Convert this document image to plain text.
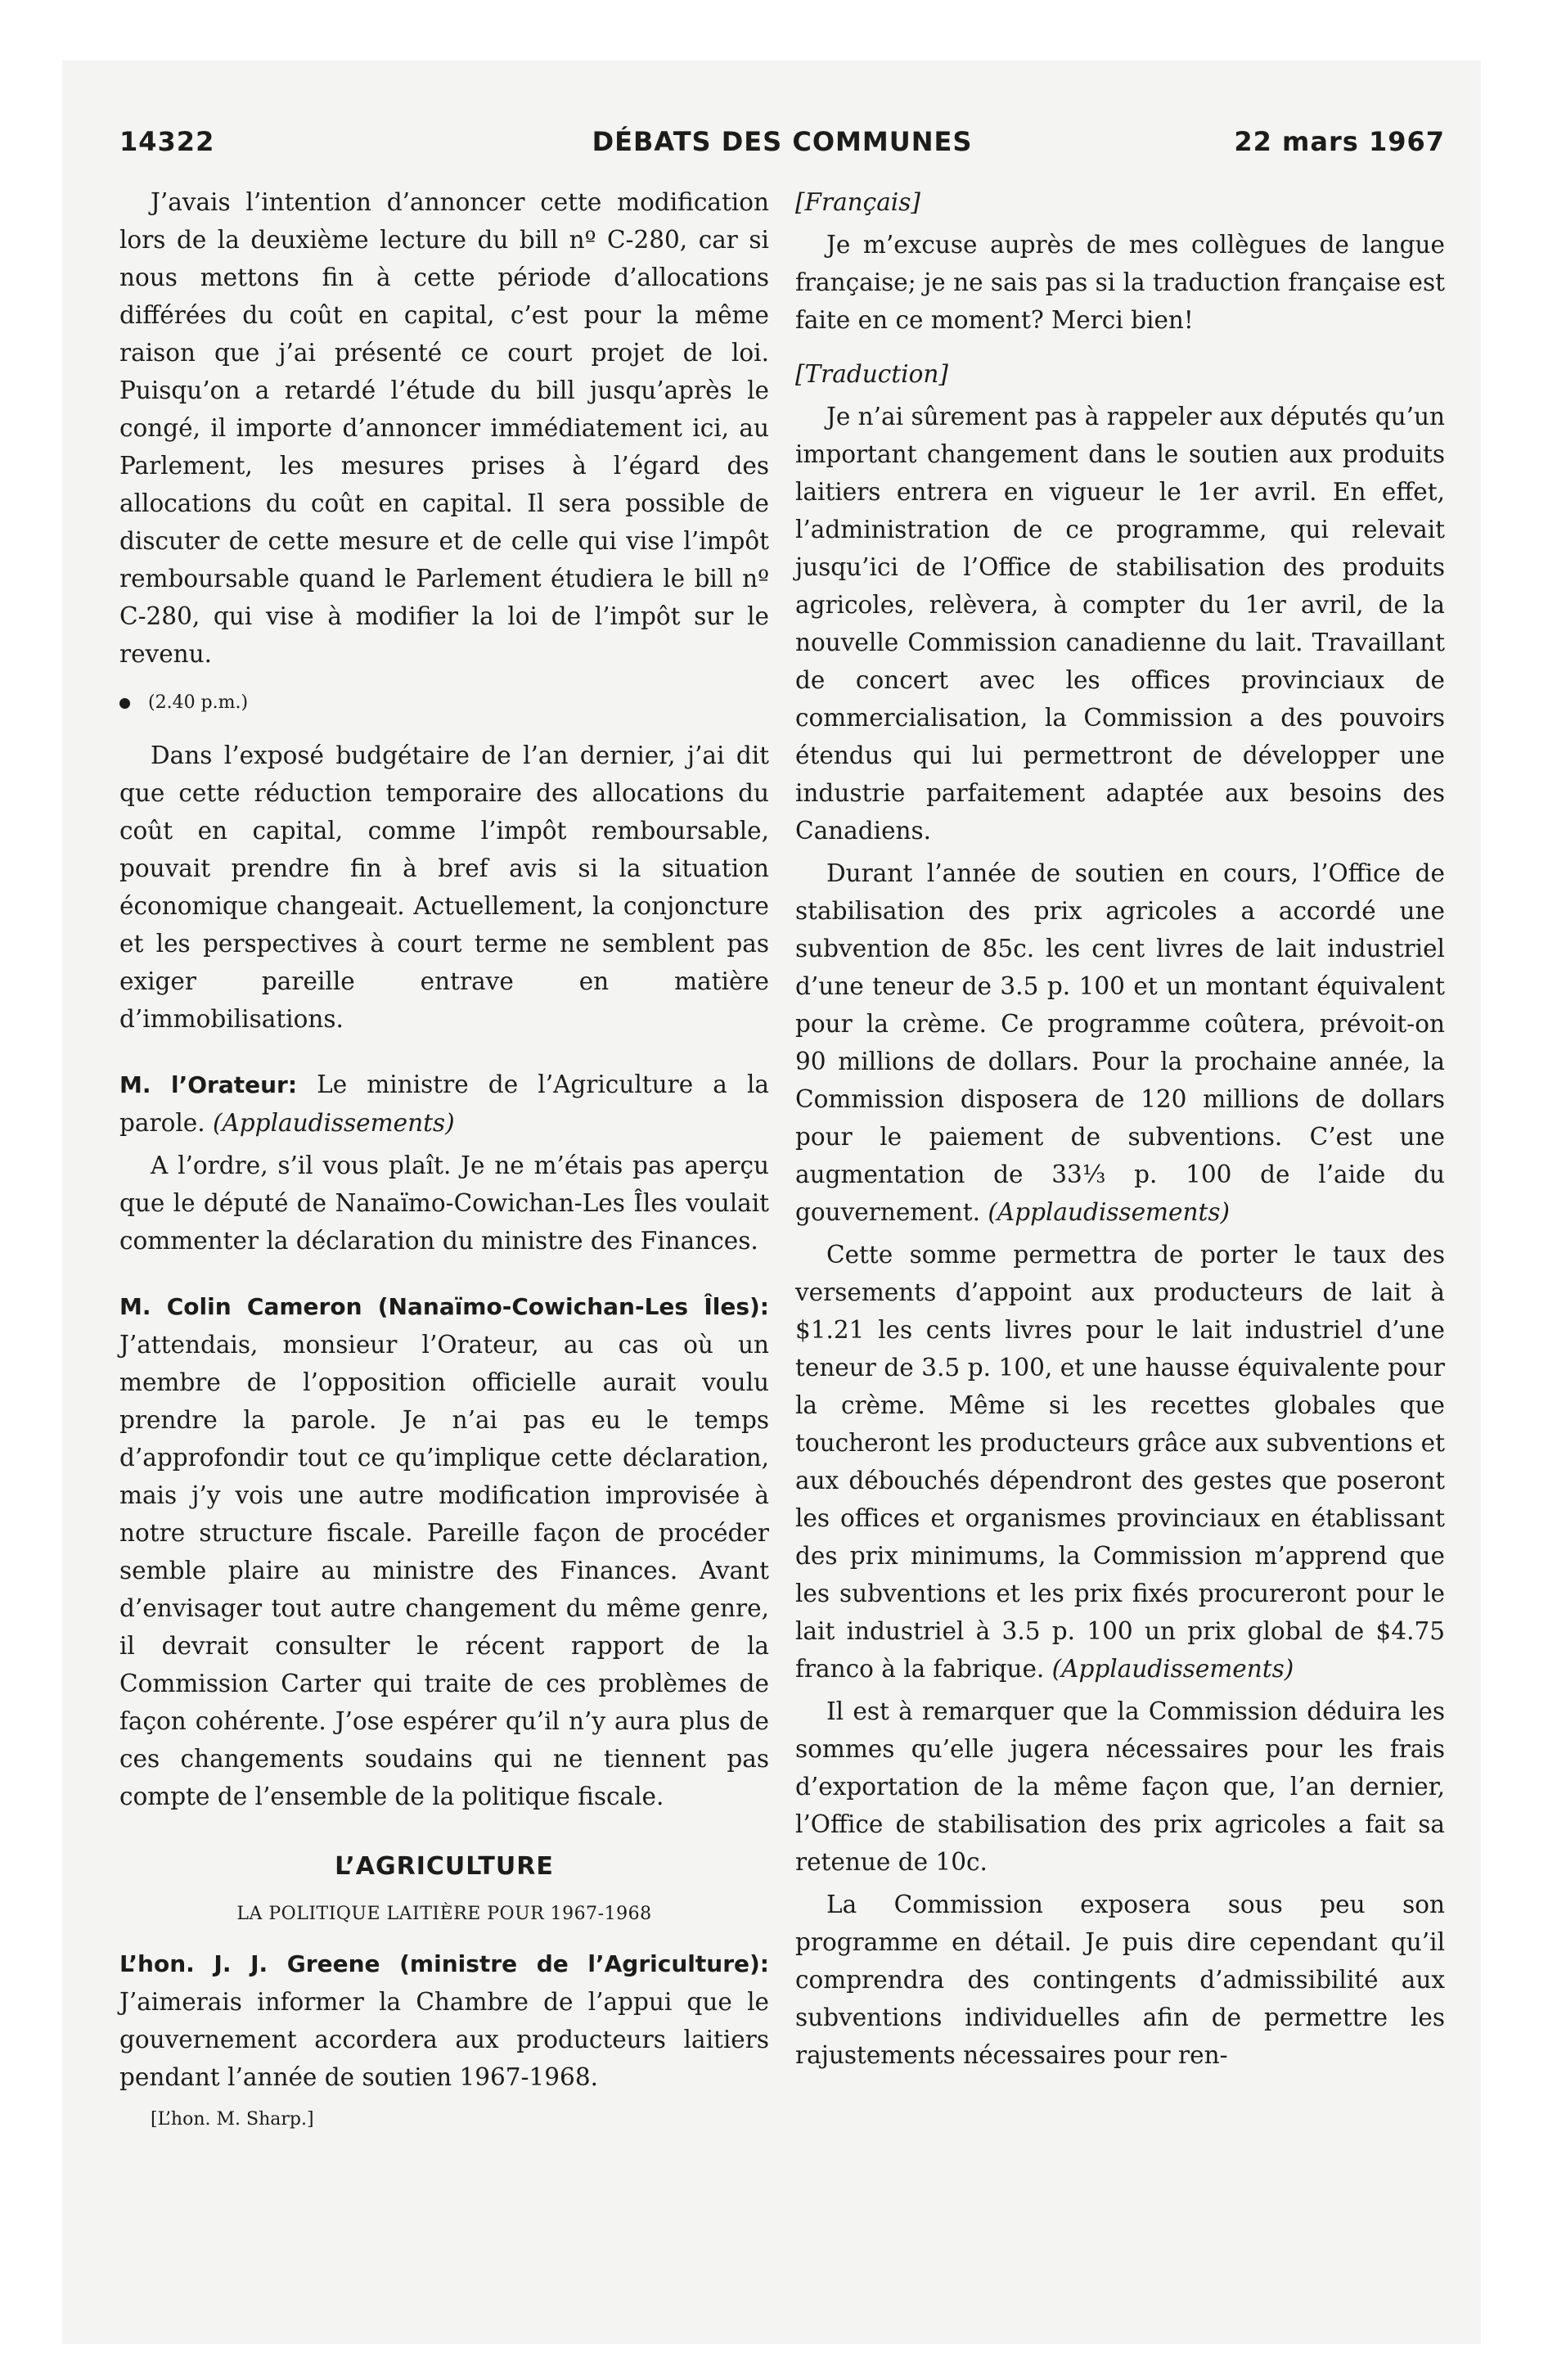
14322	DÉBATS DES COMMUNES	22 mars 1967

J’avais l’intention d’annoncer cette modification lors de la deuxième lecture du bill nº C-280, car si nous mettons fin à cette période d’allocations différées du coût en capital, c’est pour la même raison que j’ai présenté ce court projet de loi. Puisqu’on a retardé l’étude du bill jusqu’après le congé, il importe d’annoncer immédiatement ici, au Parlement, les mesures prises à l’égard des allocations du coût en capital. Il sera possible de discuter de cette mesure et de celle qui vise l’impôt remboursable quand le Parlement étudiera le bill nº C-280, qui vise à modifier la loi de l’impôt sur le revenu.

(2.40 p.m.)

Dans l’exposé budgétaire de l’an dernier, j’ai dit que cette réduction temporaire des allocations du coût en capital, comme l’impôt remboursable, pouvait prendre fin à bref avis si la situation économique changeait. Actuellement, la conjoncture et les perspectives à court terme ne semblent pas exiger pareille entrave en matière d’immobilisations.

M. l’Orateur: Le ministre de l’Agriculture a la parole. (Applaudissements)

A l’ordre, s’il vous plaît. Je ne m’étais pas aperçu que le député de Nanaïmo-Cowichan-Les Îles voulait commenter la déclaration du ministre des Finances.

M. Colin Cameron (Nanaïmo-Cowichan-Les Îles): J’attendais, monsieur l’Orateur, au cas où un membre de l’opposition officielle aurait voulu prendre la parole. Je n’ai pas eu le temps d’approfondir tout ce qu’implique cette déclaration, mais j’y vois une autre modification improvisée à notre structure fiscale. Pareille façon de procéder semble plaire au ministre des Finances. Avant d’envisager tout autre changement du même genre, il devrait consulter le récent rapport de la Commission Carter qui traite de ces problèmes de façon cohérente. J’ose espérer qu’il n’y aura plus de ces changements soudains qui ne tiennent pas compte de l’ensemble de la politique fiscale.

L’AGRICULTURE
LA POLITIQUE LAITIÈRE POUR 1967-1968

L’hon. J. J. Greene (ministre de l’Agriculture): J’aimerais informer la Chambre de l’appui que le gouvernement accordera aux producteurs laitiers pendant l’année de soutien 1967-1968.

[L’hon. M. Sharp.]

[Français]

Je m’excuse auprès de mes collègues de langue française; je ne sais pas si la traduction française est faite en ce moment? Merci bien!

[Traduction]

Je n’ai sûrement pas à rappeler aux députés qu’un important changement dans le soutien aux produits laitiers entrera en vigueur le 1er avril. En effet, l’administration de ce programme, qui relevait jusqu’ici de l’Office de stabilisation des produits agricoles, relèvera, à compter du 1er avril, de la nouvelle Commission canadienne du lait. Travaillant de concert avec les offices provinciaux de commercialisation, la Commission a des pouvoirs étendus qui lui permettront de développer une industrie parfaitement adaptée aux besoins des Canadiens.

Durant l’année de soutien en cours, l’Office de stabilisation des prix agricoles a accordé une subvention de 85c. les cent livres de lait industriel d’une teneur de 3.5 p. 100 et un montant équivalent pour la crème. Ce programme coûtera, prévoit-on 90 millions de dollars. Pour la prochaine année, la Commission disposera de 120 millions de dollars pour le paiement de subventions. C’est une augmentation de 33⅓ p. 100 de l’aide du gouvernement. (Applaudissements)

Cette somme permettra de porter le taux des versements d’appoint aux producteurs de lait à $1.21 les cents livres pour le lait industriel d’une teneur de 3.5 p. 100, et une hausse équivalente pour la crème. Même si les recettes globales que toucheront les producteurs grâce aux subventions et aux débouchés dépendront des gestes que poseront les offices et organismes provinciaux en établissant des prix minimums, la Commission m’apprend que les subventions et les prix fixés procureront pour le lait industriel à 3.5 p. 100 un prix global de $4.75 franco à la fabrique. (Applaudissements)

Il est à remarquer que la Commission déduira les sommes qu’elle jugera nécessaires pour les frais d’exportation de la même façon que, l’an dernier, l’Office de stabilisation des prix agricoles a fait sa retenue de 10c.

La Commission exposera sous peu son programme en détail. Je puis dire cependant qu’il comprendra des contingents d’admissibilité aux subventions individuelles afin de permettre les rajustements nécessaires pour ren-
